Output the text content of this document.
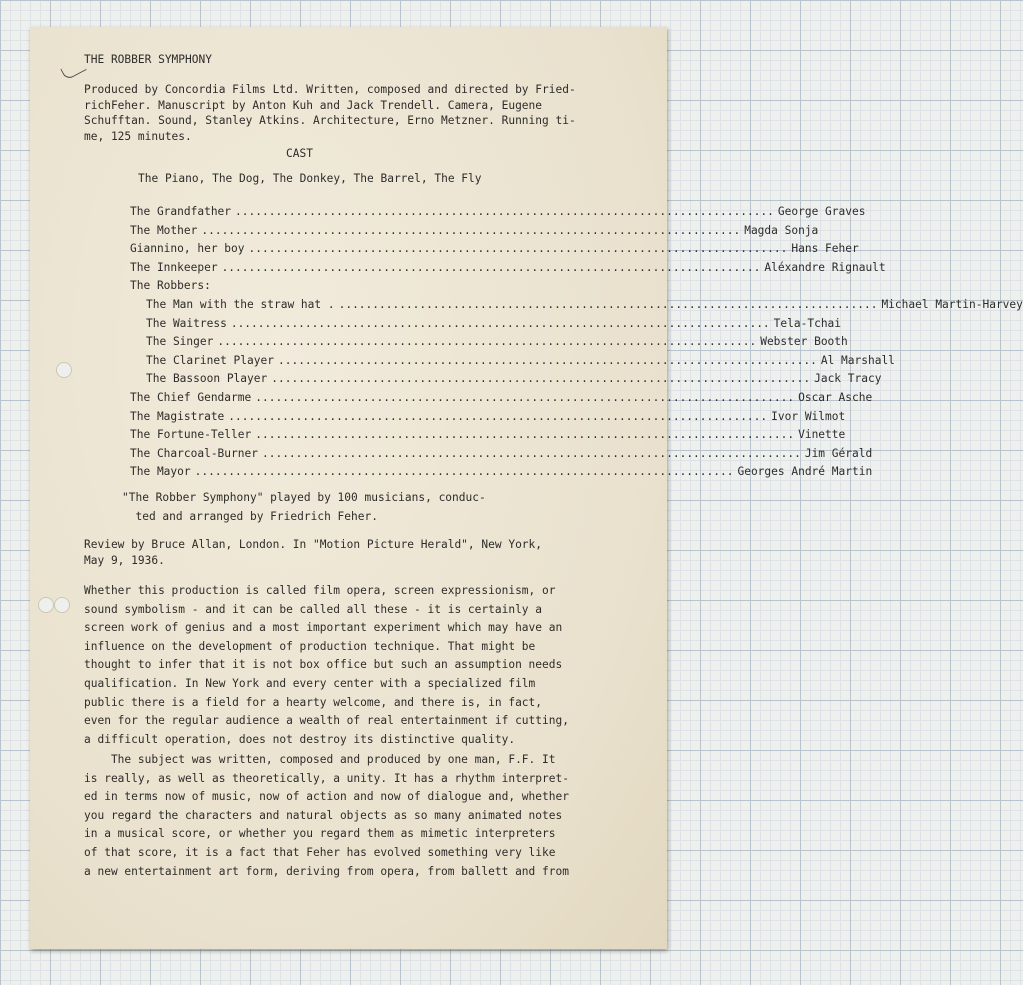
THE ROBBER SYMPHONY
Produced by Concordia Films Ltd. Written, composed and directed by Fried-
richFeher. Manuscript by Anton Kuh and Jack Trendell. Camera, Eugene
Schufftan. Sound, Stanley Atkins. Architecture, Erno Metzner. Running ti-
me, 125 minutes.
CAST
The Piano, The Dog, The Donkey, The Barrel, The Fly
The Grandfather ................................................................................ George Graves
The Mother ................................................................................ Magda Sonja
Giannino, her boy ................................................................................ Hans Feher
The Innkeeper ................................................................................ Aléxandre Rignault
The Robbers:
The Man with the straw hat . ................................................................................ Michael Martin-Harvey
The Waitress ................................................................................ Tela-Tchai
The Singer ................................................................................ Webster Booth
The Clarinet Player ................................................................................ Al Marshall
The Bassoon Player ................................................................................ Jack Tracy
The Chief Gendarme ................................................................................ Oscar Asche
The Magistrate ................................................................................ Ivor Wilmot
The Fortune-Teller ................................................................................ Vinette
The Charcoal-Burner ................................................................................ Jim Gérald
The Mayor ................................................................................ Georges André Martin
"The Robber Symphony" played by 100 musicians, conduc-
ted and arranged by Friedrich Feher.
Review by Bruce Allan, London. In "Motion Picture Herald", New York,
May 9, 1936.
Whether this production is called film opera, screen expressionism, or
sound symbolism - and it can be called all these - it is certainly a
screen work of genius and a most important experiment which may have an
influence on the development of production technique. That might be
thought to infer that it is not box office but such an assumption needs
qualification. In New York and every center with a specialized film
public there is a field for a hearty welcome, and there is, in fact,
even for the regular audience a wealth of real entertainment if cutting,
a difficult operation, does not destroy its distinctive quality.
The subject was written, composed and produced by one man, F.F. It
is really, as well as theoretically, a unity. It has a rhythm interpret-
ed in terms now of music, now of action and now of dialogue and, whether
you regard the characters and natural objects as so many animated notes
in a musical score, or whether you regard them as mimetic interpreters
of that score, it is a fact that Feher has evolved something very like
a new entertainment art form, deriving from opera, from ballett and from
